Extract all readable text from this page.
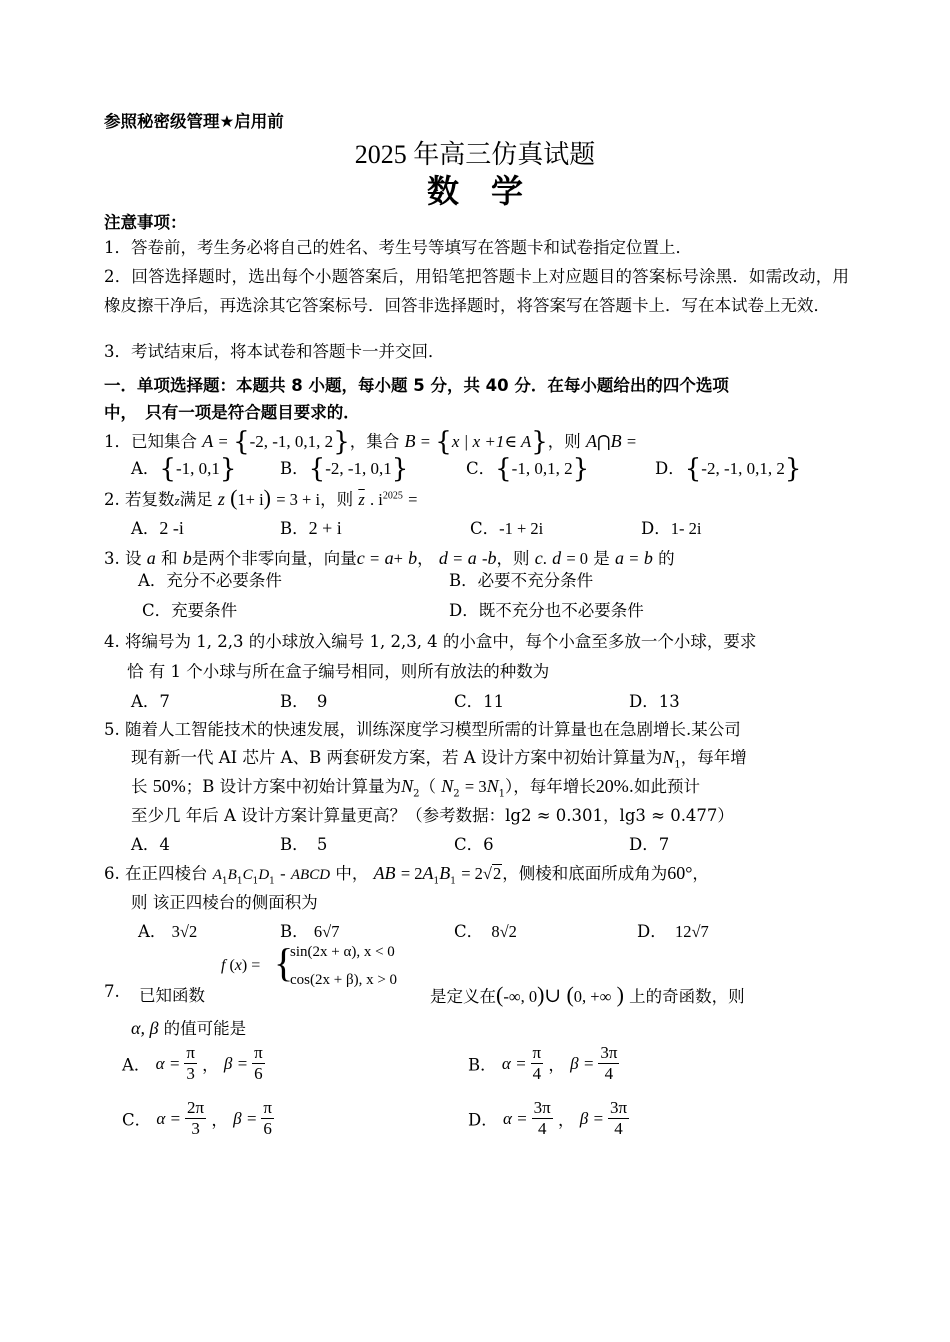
参照秘密级管理★启用前
2025 年高三仿真试题
数　学
注意事项：
1．答卷前，考生务必将自己的姓名、考生号等填写在答题卡和试卷指定位置上．
2．回答选择题时，选出每个小题答案后，用铅笔把答题卡上对应题目的答案标号涂黑．如需改动，用橡皮擦干净后，再选涂其它答案标号．回答非选择题时，将答案写在答题卡上．写在本试卷上无效．
3．考试结束后，将本试卷和答题卡一并交回．
一．单项选择题：本题共 8 小题，每小题 5 分，共 40 分．在每小题给出的四个选项
中，　只有一项是符合题目要求的．
1．已知集合 A = {-2, -1, 0,1, 2}，集合 B = {x | x +1∈ A}，则 A⋂B =
A．{-1, 0,1}	B．{-2, -1, 0,1}	C．{-1, 0,1, 2}	D．{-2, -1, 0,1, 2}
2. 若复数z满足 z (1+ i) = 3 + i，则 $\overline{z}$ . $i^{2025}$ =
A．2 -i	B．2 + i	C．-1 + 2i	D．1- 2i
3. 设 a 和 b是两个非零向量，向量c = a+ b， d = a -b，则 c. d = 0 是 a = b 的
A．充分不必要条件	B．必要不充分条件
C．充要条件	D．既不充分也不必要条件
4. 将编号为 1, 2,3 的小球放入编号 1, 2,3, 4 的小盒中，每个小盒至多放一个小球，要求
恰 有 1 个小球与所在盒子编号相同，则所有放法的种数为
A．7	B．　 9	C．11	D．13
5. 随着人工智能技术的快速发展，训练深度学习模型所需的计算量也在急剧增长.某公司
现有新一代 AI 芯片 A、B 两套研发方案，若 A 设计方案中初始计算量为$N_1$，每年增
长 50%；B 设计方案中初始计算量为$N_2$（ $N_2 = 3N_1$），每年增长20%.如此预计
至少几 年后 A 设计方案计算量更高？（参考数据：lg2 ≈ 0.301，lg3 ≈ 0.477）
A．4	B．　 5	C．6	D．7
6. 在正四棱台 $A_1B_1C_1D_1$ - ABCD 中， AB = $2A_1B_1 = 2√2$，侧棱和底面所成角为60°，
则 该正四棱台的侧面积为
A． 3√2	B． 6√7	C．　 8√2	D．　 12√7
7. 已知函数
f (x) = {
sin(2x + α), x < 0
cos(2x + β), x > 0
是定义在(-∞, 0)∪ (0, +∞ ) 上的奇函数，则
α, β 的值可能是
A． $\alpha = \frac{\pi}{3}$ ， $\beta = \frac{\pi}{6}$	B． $\alpha = \frac{\pi}{4}$ ， $\beta = \frac{3\pi}{4}$
C． $\alpha = \frac{2\pi}{3}$ ， $\beta = \frac{\pi}{6}$	D． $\alpha = \frac{3\pi}{4}$ ， $\beta = \frac{3\pi}{4}$
